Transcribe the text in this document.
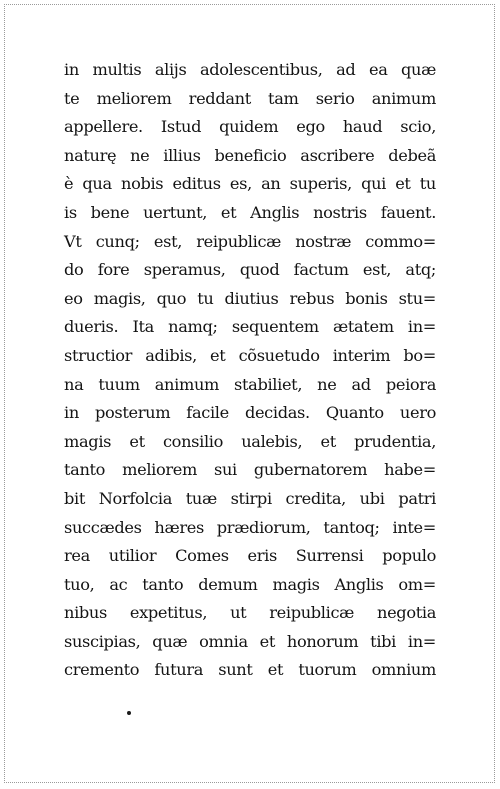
in multis alijs adolescentibus, ad ea quæ
te meliorem reddant tam serio animum
appellere. Istud quidem ego haud scio,
naturę ne illius beneficio ascribere debeã
è qua nobis editus es, an superis, qui et tu
is bene uertunt, et Anglis nostris fauent.
Vt cunq; est, reipublicæ nostræ commo=
do fore speramus, quod factum est, atq;
eo magis, quo tu diutius rebus bonis stu=
dueris. Ita namq; sequentem ætatem in=
structior adibis, et cõsuetudo interim bo=
na tuum animum stabiliet, ne ad peiora
in posterum facile decidas. Quanto uero
magis et consilio ualebis, et prudentia,
tanto meliorem sui gubernatorem habe=
bit Norfolcia tuæ stirpi credita, ubi patri
succædes hæres prædiorum, tantoq; inte=
rea utilior Comes eris Surrensi populo
tuo, ac tanto demum magis Anglis om=
nibus expetitus, ut reipublicæ negotia
suscipias, quæ omnia et honorum tibi in=
cremento futura sunt et tuorum omnium
